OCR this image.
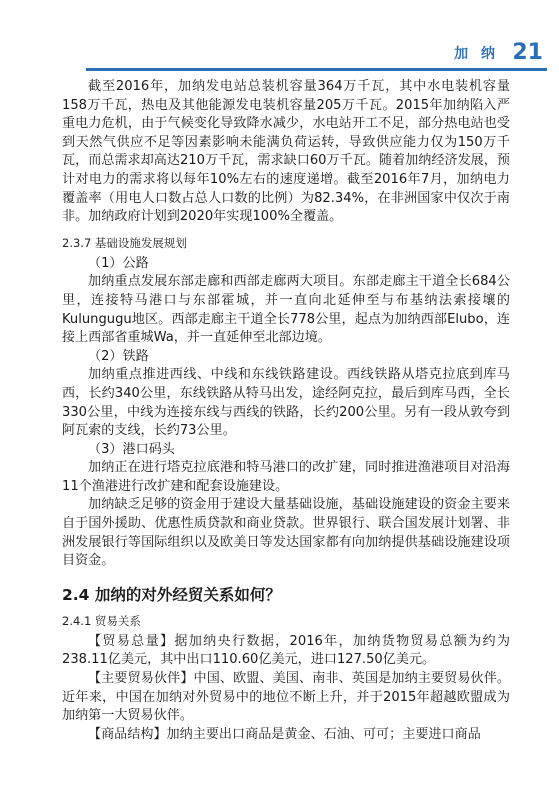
加 纳 21

截至2016年，加纳发电站总装机容量364万千瓦，其中水电装机容量158万千瓦，热电及其他能源发电装机容量205万千瓦。2015年加纳陷入严重电力危机，由于气候变化导致降水减少，水电站开工不足，部分热电站也受到天然气供应不足等因素影响未能满负荷运转，导致供应能力仅为150万千瓦，而总需求却高达210万千瓦，需求缺口60万千瓦。随着加纳经济发展，预计对电力的需求将以每年10%左右的速度递增。截至2016年7月，加纳电力覆盖率（用电人口数占总人口数的比例）为82.34%，在非洲国家中仅次于南非。加纳政府计划到2020年实现100%全覆盖。

2.3.7 基础设施发展规划

（1）公路

加纳重点发展东部走廊和西部走廊两大项目。东部走廊主干道全长684公里，连接特马港口与东部霍城，并一直向北延伸至与布基纳法索接壤的Kulungugu地区。西部走廊主干道全长778公里，起点为加纳西部Elubo，连接上西部省重城Wa，并一直延伸至北部边境。

（2）铁路

加纳重点推进西线、中线和东线铁路建设。西线铁路从塔克拉底到库马西，长约340公里，东线铁路从特马出发，途经阿克拉，最后到库马西，全长330公里，中线为连接东线与西线的铁路，长约200公里。另有一段从敦夸到阿瓦索的支线，长约73公里。

（3）港口码头

加纳正在进行塔克拉底港和特马港口的改扩建，同时推进渔港项目对沿海11个渔港进行改扩建和配套设施建设。

加纳缺乏足够的资金用于建设大量基础设施，基础设施建设的资金主要来自于国外援助、优惠性质贷款和商业贷款。世界银行、联合国发展计划署、非洲发展银行等国际组织以及欧美日等发达国家都有向加纳提供基础设施建设项目资金。

2.4 加纳的对外经贸关系如何？
2.4.1 贸易关系

【贸易总量】据加纳央行数据，2016年，加纳货物贸易总额为约为238.11亿美元，其中出口110.60亿美元，进口127.50亿美元。

【主要贸易伙伴】中国、欧盟、美国、南非、英国是加纳主要贸易伙伴。近年来，中国在加纳对外贸易中的地位不断上升，并于2015年超越欧盟成为加纳第一大贸易伙伴。

【商品结构】加纳主要出口商品是黄金、石油、可可；主要进口商品
